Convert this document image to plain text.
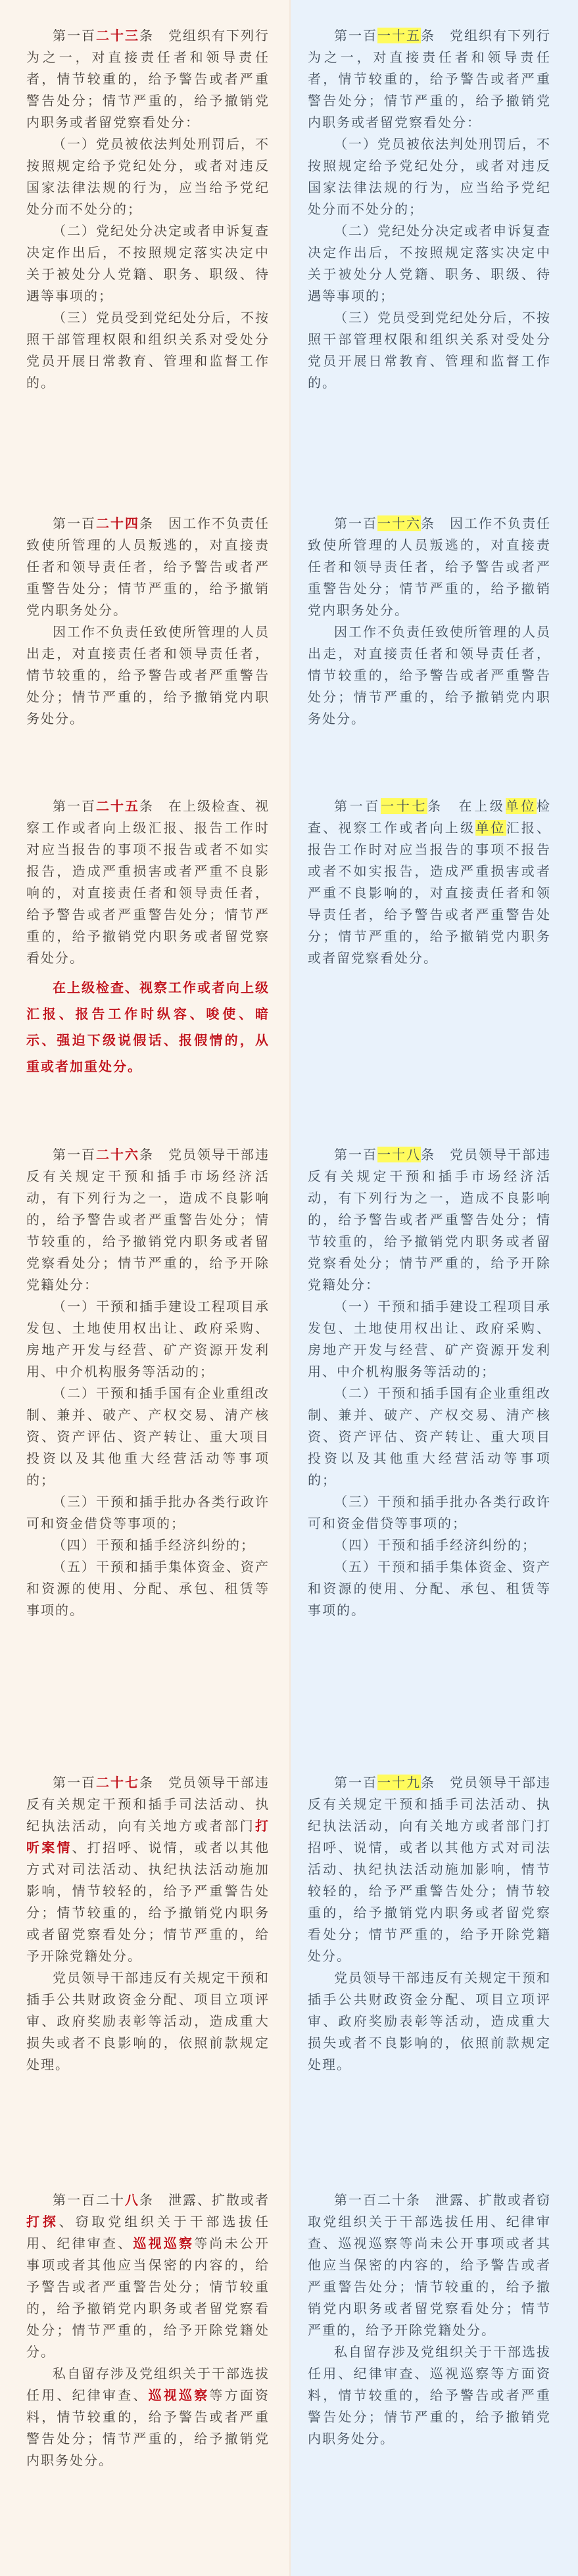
第一百二十三条　党组织有下列行为之一，对直接责任者和领导责任者，情节较重的，给予警告或者严重警告处分；情节严重的，给予撤销党内职务或者留党察看处分：

（一）党员被依法判处刑罚后，不按照规定给予党纪处分，或者对违反国家法律法规的行为，应当给予党纪处分而不处分的；

（二）党纪处分决定或者申诉复查决定作出后，不按照规定落实决定中关于被处分人党籍、职务、职级、待遇等事项的；

（三）党员受到党纪处分后，不按照干部管理权限和组织关系对受处分党员开展日常教育、管理和监督工作的。

第一百二十四条　因工作不负责任致使所管理的人员叛逃的，对直接责任者和领导责任者，给予警告或者严重警告处分；情节严重的，给予撤销党内职务处分。

因工作不负责任致使所管理的人员出走，对直接责任者和领导责任者，情节较重的，给予警告或者严重警告处分；情节严重的，给予撤销党内职务处分。

第一百二十五条　在上级检查、视察工作或者向上级汇报、报告工作时对应当报告的事项不报告或者不如实报告，造成严重损害或者严重不良影响的，对直接责任者和领导责任者，给予警告或者严重警告处分；情节严重的，给予撤销党内职务或者留党察看处分。

在上级检查、视察工作或者向上级汇报、报告工作时纵容、唆使、暗示、强迫下级说假话、报假情的，从重或者加重处分。

第一百二十六条　党员领导干部违反有关规定干预和插手市场经济活动，有下列行为之一，造成不良影响的，给予警告或者严重警告处分；情节较重的，给予撤销党内职务或者留党察看处分；情节严重的，给予开除党籍处分：

（一）干预和插手建设工程项目承发包、土地使用权出让、政府采购、房地产开发与经营、矿产资源开发利用、中介机构服务等活动的；

（二）干预和插手国有企业重组改制、兼并、破产、产权交易、清产核资、资产评估、资产转让、重大项目投资以及其他重大经营活动等事项的；

（三）干预和插手批办各类行政许可和资金借贷等事项的；

（四）干预和插手经济纠纷的；

（五）干预和插手集体资金、资产和资源的使用、分配、承包、租赁等事项的。

第一百二十七条　党员领导干部违反有关规定干预和插手司法活动、执纪执法活动，向有关地方或者部门打听案情、打招呼、说情，或者以其他方式对司法活动、执纪执法活动施加影响，情节较轻的，给予严重警告处分；情节较重的，给予撤销党内职务或者留党察看处分；情节严重的，给予开除党籍处分。

党员领导干部违反有关规定干预和插手公共财政资金分配、项目立项评审、政府奖励表彰等活动，造成重大损失或者不良影响的，依照前款规定处理。

第一百二十八条　泄露、扩散或者打探、窃取党组织关于干部选拔任用、纪律审查、巡视巡察等尚未公开事项或者其他应当保密的内容的，给予警告或者严重警告处分；情节较重的，给予撤销党内职务或者留党察看处分；情节严重的，给予开除党籍处分。

私自留存涉及党组织关于干部选拔任用、纪律审查、巡视巡察等方面资料，情节较重的，给予警告或者严重警告处分；情节严重的，给予撤销党内职务处分。

第一百一十五条　党组织有下列行为之一，对直接责任者和领导责任者，情节较重的，给予警告或者严重警告处分；情节严重的，给予撤销党内职务或者留党察看处分：

（一）党员被依法判处刑罚后，不按照规定给予党纪处分，或者对违反国家法律法规的行为，应当给予党纪处分而不处分的；

（二）党纪处分决定或者申诉复查决定作出后，不按照规定落实决定中关于被处分人党籍、职务、职级、待遇等事项的；

（三）党员受到党纪处分后，不按照干部管理权限和组织关系对受处分党员开展日常教育、管理和监督工作的。

第一百一十六条　因工作不负责任致使所管理的人员叛逃的，对直接责任者和领导责任者，给予警告或者严重警告处分；情节严重的，给予撤销党内职务处分。

因工作不负责任致使所管理的人员出走，对直接责任者和领导责任者，情节较重的，给予警告或者严重警告处分；情节严重的，给予撤销党内职务处分。

第一百一十七条　在上级单位检查、视察工作或者向上级单位汇报、报告工作时对应当报告的事项不报告或者不如实报告，造成严重损害或者严重不良影响的，对直接责任者和领导责任者，给予警告或者严重警告处分；情节严重的，给予撤销党内职务或者留党察看处分。

第一百一十八条　党员领导干部违反有关规定干预和插手市场经济活动，有下列行为之一，造成不良影响的，给予警告或者严重警告处分；情节较重的，给予撤销党内职务或者留党察看处分；情节严重的，给予开除党籍处分：

（一）干预和插手建设工程项目承发包、土地使用权出让、政府采购、房地产开发与经营、矿产资源开发利用、中介机构服务等活动的；

（二）干预和插手国有企业重组改制、兼并、破产、产权交易、清产核资、资产评估、资产转让、重大项目投资以及其他重大经营活动等事项的；

（三）干预和插手批办各类行政许可和资金借贷等事项的；

（四）干预和插手经济纠纷的；

（五）干预和插手集体资金、资产和资源的使用、分配、承包、租赁等事项的。

第一百一十九条　党员领导干部违反有关规定干预和插手司法活动、执纪执法活动，向有关地方或者部门打招呼、说情，或者以其他方式对司法活动、执纪执法活动施加影响，情节较轻的，给予严重警告处分；情节较重的，给予撤销党内职务或者留党察看处分；情节严重的，给予开除党籍处分。

党员领导干部违反有关规定干预和插手公共财政资金分配、项目立项评审、政府奖励表彰等活动，造成重大损失或者不良影响的，依照前款规定处理。

第一百二十条　泄露、扩散或者窃取党组织关于干部选拔任用、纪律审查、巡视巡察等尚未公开事项或者其他应当保密的内容的，给予警告或者严重警告处分；情节较重的，给予撤销党内职务或者留党察看处分；情节严重的，给予开除党籍处分。

私自留存涉及党组织关于干部选拔任用、纪律审查、巡视巡察等方面资料，情节较重的，给予警告或者严重警告处分；情节严重的，给予撤销党内职务处分。
